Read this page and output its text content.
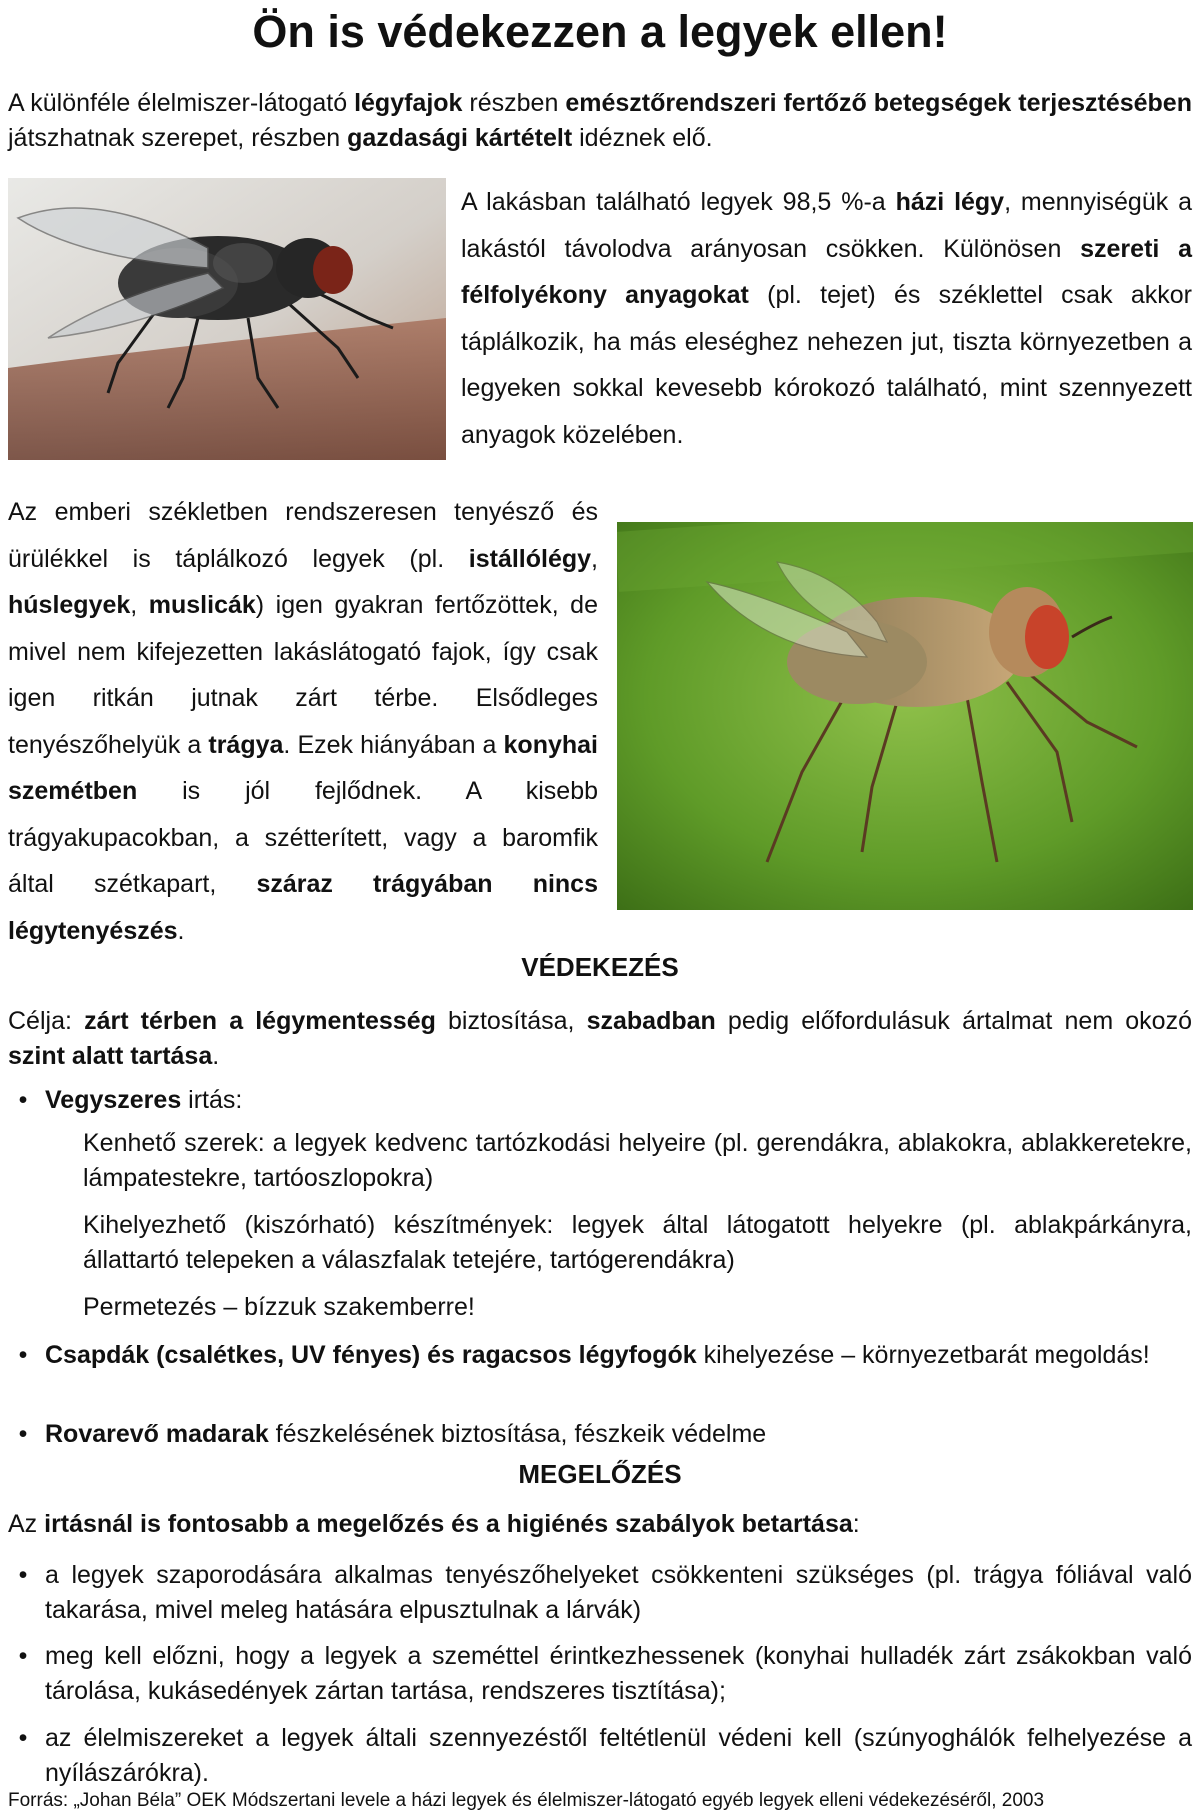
Ön is védekezzen a legyek ellen!
A különféle élelmiszer-látogató légyfajok részben emésztőrendszeri fertőző betegségek terjesztésében játszhatnak szerepet, részben gazdasági kártételt idéznek elő.
A lakásban található legyek 98,5 %-a házi légy, mennyiségük a lakástól távolodva arányosan csökken. Különösen szereti a félfolyékony anyagokat (pl. tejet) és széklettel csak akkor táplálkozik, ha más eleséghez nehezen jut, tiszta környezetben a legyeken sokkal kevesebb kórokozó található, mint szennyezett anyagok közelében.
Az emberi székletben rendszeresen tenyésző és ürülékkel is táplálkozó legyek (pl. istállólégy, húslegyek, muslicák) igen gyakran fertőzöttek, de mivel nem kifejezetten lakáslátogató fajok, így csak igen ritkán jutnak zárt térbe. Elsődleges tenyészőhelyük a trágya. Ezek hiányában a konyhai szemétben is jól fejlődnek. A kisebb trágyakupacokban, a szétterített, vagy a baromfik által szétkapart, száraz trágyában nincs légytenyészés.
VÉDEKEZÉS
Célja: zárt térben a légymentesség biztosítása, szabadban pedig előfordulásuk ártalmat nem okozó szint alatt tartása.
• Vegyszeres irtás:
Kenhető szerek: a legyek kedvenc tartózkodási helyeire (pl. gerendákra, ablakokra, ablakkeretekre, lámpatestekre, tartóoszlopokra)
Kihelyezhető (kiszórható) készítmények: legyek által látogatott helyekre (pl. ablakpárkányra, állattartó telepeken a válaszfalak tetejére, tartógerendákra)
Permetezés – bízzuk szakemberre!
• Csapdák (csalétkes, UV fényes) és ragacsos légyfogók kihelyezése – környezetbarát megoldás!
• Rovarevő madarak fészkelésének biztosítása, fészkeik védelme
MEGELŐZÉS
Az irtásnál is fontosabb a megelőzés és a higiénés szabályok betartása:
• a legyek szaporodására alkalmas tenyészőhelyeket csökkenteni szükséges (pl. trágya fóliával való takarása, mivel meleg hatására elpusztulnak a lárvák)
• meg kell előzni, hogy a legyek a szeméttel érintkezhessenek (konyhai hulladék zárt zsákokban való tárolása, kukásedények zártan tartása, rendszeres tisztítása);
• az élelmiszereket a legyek általi szennyezéstől feltétlenül védeni kell (szúnyoghálók felhelyezése a nyílászárókra).
Forrás: „Johan Béla” OEK Módszertani levele a házi legyek és élelmiszer-látogató egyéb legyek elleni védekezéséről, 2003
